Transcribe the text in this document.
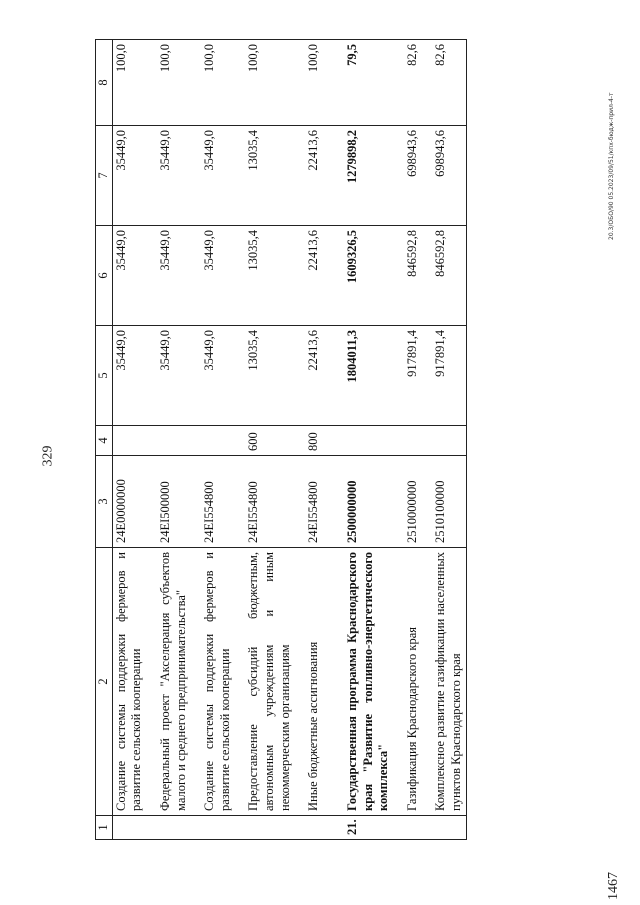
329
1467
20.3/ОБО/90 05.2023/09/51/кпх-бюдж-прил-4-т
1	2	3	4	5	6	7	8
	Создание системы поддержки фермеров и развитие сельской кооперации	24E0000000		35449,0	35449,0	35449,0	100,0
	Федеральный проект "Акселерация субъектов малого и среднего предпринимательства"	24EI500000		35449,0	35449,0	35449,0	100,0
	Создание системы поддержки фермеров и развитие сельской кооперации	24EI554800		35449,0	35449,0	35449,0	100,0
	Предоставление субсидий бюджетным, автономным учреждениям и иным некоммерческим организациям	24EI554800	600	13035,4	13035,4	13035,4	100,0
	Иные бюджетные ассигнования	24EI554800	800	22413,6	22413,6	22413,6	100,0
21.	Государственная программа Краснодарского края "Развитие топливно-энергетического комплекса"	2500000000		1804011,3	1609326,5	1279898,2	79,5
	Газификация Краснодарского края	2510000000		917891,4	846592,8	698943,6	82,6
	Комплексное развитие газификации населенных пунктов Краснодарского края	2510100000		917891,4	846592,8	698943,6	82,6
